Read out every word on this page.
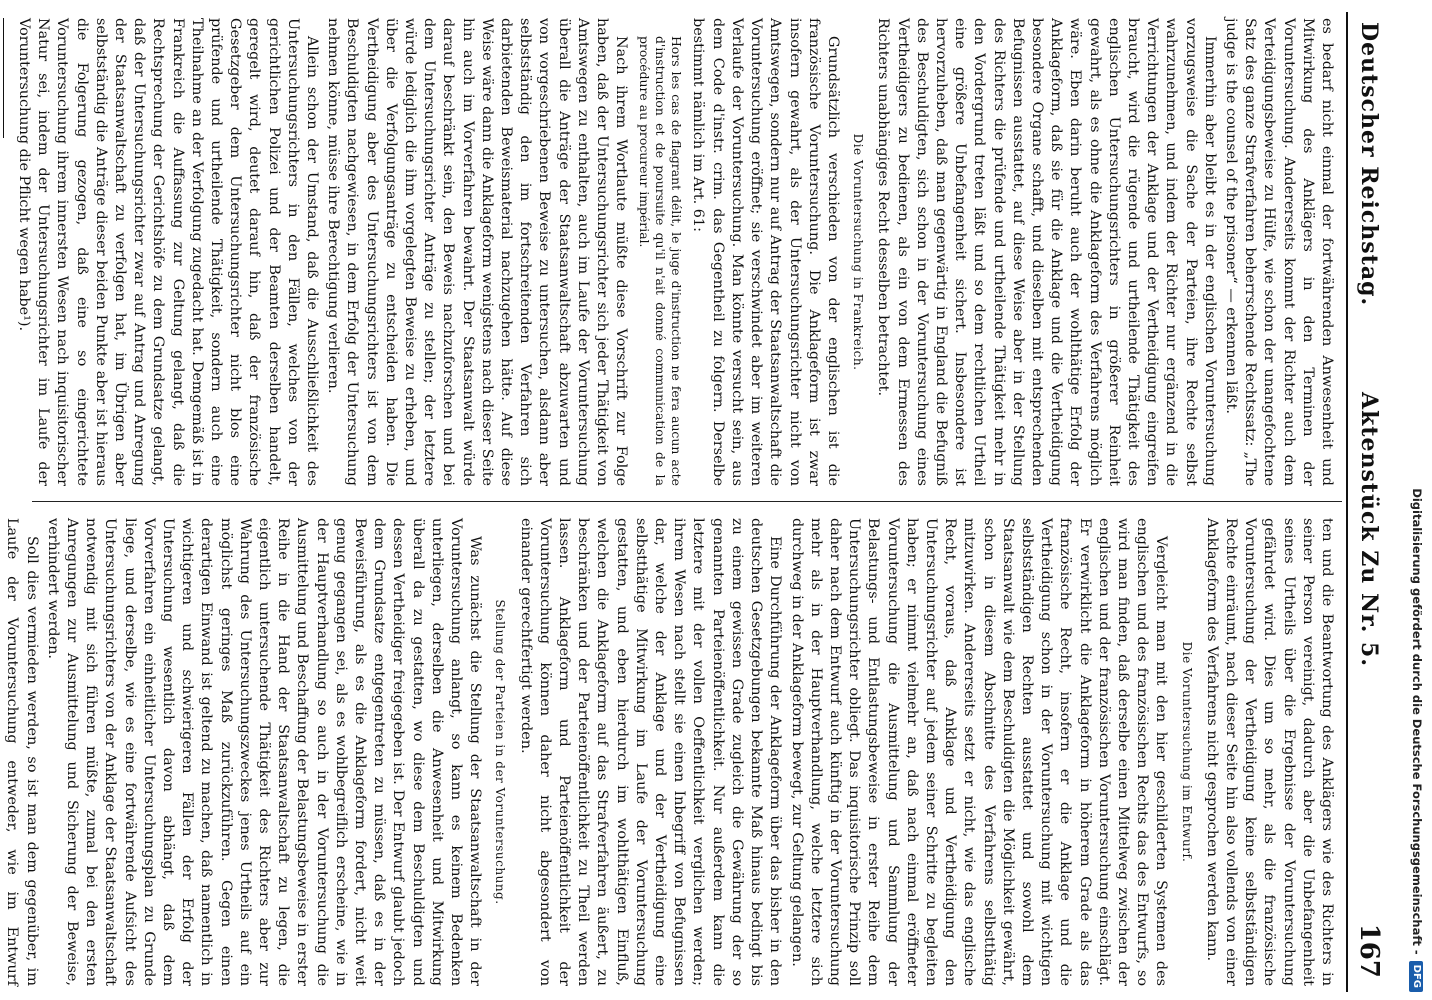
Deutscher Reichstag.
Aktenstück Zu Nr. 5.
167

es bedarf nicht einmal der fortwährenden Anwesenheit und Mitwirkung des Anklägers in den Terminen der Voruntersuchung. Andererseits kommt der Richter auch dem Verteidigungsbeweise zu Hülfe, wie schon der unangefochtene Satz des ganze Strafverfahren beherrschende Rechtssatz: „The judge is the counsel of the prisoner“ — erkennen läßt.

Immerhin aber bleibt es in der englischen Voruntersuchung vorzugsweise die Sache der Parteien, ihre Rechte selbst wahrzunehmen, und indem der Richter nur ergänzend in die Verrichtungen der Anklage und der Vertheidigung eingreifen braucht, wird die rügende und urtheilende Thätigkeit des englischen Untersuchungsrichters in größerer Reinheit gewahrt, als es ohne die Anklageform des Verfahrens möglich wäre. Eben darin beruht auch der wohlthätige Erfolg der Anklageform, daß sie für die Anklage und die Vertheidigung besondere Organe schafft, und dieselben mit entsprechenden Befugnissen ausstattet, auf diese Weise aber in der Stellung des Richters die prüfende und urtheilende Thätigkeit mehr in den Vordergrund treten läßt und so dem rechtlichen Urtheil eine größere Unbefangenheit sichert. Insbesondere ist hervorzuheben, daß man gegenwärtig in England die Befugniß des Beschuldigten, sich schon in der Voruntersuchung eines Vertheidigers zu bedienen, als ein von dem Ermessen des Richters unabhängiges Recht desselben betrachtet.

Die Voruntersuchung in Frankreich.

Grundsätzlich verschieden von der englischen ist die französische Voruntersuchung. Die Anklageform ist zwar insofern gewahrt, als der Untersuchungsrichter nicht von Amtswegen, sondern nur auf Antrag der Staatsanwaltschaft die Voruntersuchung eröffnet; sie verschwindet aber im weiteren Verlaufe der Voruntersuchung. Man könnte versucht sein, aus dem Code d'instr. crim. das Gegentheil zu folgern. Derselbe bestimmt nämlich im Art. 61:

Hors les cas de flagrant délit, le juge d'instruction ne fera aucun acte d'instruction et de poursuite qu'il n'ait donné communication de la procédure au procureur impérial.

Nach ihrem Wortlaute müßte diese Vorschrift zur Folge haben, daß der Untersuchungsrichter sich jeder Thätigkeit von Amtswegen zu enthalten, auch im Laufe der Voruntersuchung überall die Anträge der Staatsanwaltschaft abzuwarten und von vorgeschriebenen Beweise zu untersuchen, alsdann aber selbstständig den im fortschreitenden Verfahren sich darbietenden Beweismaterial nachzugehen hätte. Auf diese Weise wäre dann die Anklageform wenigstens nach dieser Seite hin auch im Vorverfahren bewahrt. Der Staatsanwalt würde darauf beschränkt sein, den Beweis nachzuforschen und bei dem Untersuchungsrichter Anträge zu stellen; der letztere würde lediglich die ihm vorgelegten Beweise zu erheben, und über die Verfolgungsanträge zu entscheiden haben. Die Vertheidigung aber des Untersuchungsrichters ist von dem Beschuldigten nachgewiesen, in dem Erfolg der Untersuchung nehmen könne, müsse ihre Berechtigung verlieren.

Allein schon der Umstand, daß die Ausschließlichkeit des Untersuchungsrichters in den Fällen, welches von der gerichtlichen Polizei und der Beamten derselben handelt, geregelt wird, deutet darauf hin, daß der französische Gesetzgeber dem Untersuchungsrichter nicht blos eine prüfende und urtheilende Thätigkeit, sondern auch eine Theilnahme an der Verfolgung zugedacht hat. Demgemäß ist in Frankreich die Auffassung zur Geltung gelangt, daß die Rechtsprechung der Gerichtshöfe zu dem Grundsatze gelangt, daß der Untersuchungsrichter zwar auf Antrag und Anregung der Staatsanwaltschaft zu verfolgen hat, im Übrigen aber selbstständig die Anträge dieser beiden Punkte aber ist hieraus die Folgerung gezogen, daß eine so eingerichtete Voruntersuchung ihrem innersten Wesen nach inquisitorischer Natur sei, indem der Untersuchungsrichter im Laufe der Voruntersuchung die Pflicht wegen habe¹).

ten und die Beantwortung des Anklägers wie des Richters in seiner Person vereinigt, dadurch aber die Unbefangenheit seines Urtheils über die Ergebnisse der Voruntersuchung gefährdet wird. Dies um so mehr, als die französische Voruntersuchung der Vertheidigung keine selbstständigen Rechte einräumt, nach dieser Seite hin also vollends von einer Anklageform des Verfahrens nicht gesprochen werden kann.

Die Voruntersuchung im Entwurf.

Vergleicht man mit den hier geschilderten Systemen des englischen und des französischen Rechts das des Entwurfs, so wird man finden, daß derselbe einen Mittelweg zwischen der englischen und der französischen Voruntersuchung einschlägt. Er verwirklicht die Anklageform in höherem Grade als das französische Recht, insofern er die Anklage und die Vertheidigung schon in der Voruntersuchung mit wichtigen selbstständigen Rechten ausstattet und sowohl dem Staatsanwalt wie dem Beschuldigten die Möglichkeit gewährt, schon in diesem Abschnitte des Verfahrens selbstthätig mitzuwirken. Andererseits setzt er nicht, wie das englische Recht, voraus, daß Anklage und Vertheidigung den Untersuchungsrichter auf jedem seiner Schritte zu begleiten haben; er nimmt vielmehr an, daß nach einmal eröffneter Voruntersuchung die Ausmittelung und Sammlung der Belastungs- und Entlastungsbeweise in erster Reihe dem Untersuchungsrichter obliegt. Das inquisitorische Prinzip soll daher nach dem Entwurf auch künftig in der Voruntersuchung mehr als in der Hauptverhandlung, welche letztere sich durchweg in der Anklageform bewegt, zur Geltung gelangen.

Eine Durchführung der Anklageform über das bisher in den deutschen Gesetzgebungen bekannte Maß hinaus bedingt bis zu einem gewissen Grade zugleich die Gewährung der so genannten Parteienöffentlichkeit. Nur außerdem kann die letztere mit der vollen Oeffentlichkeit verglichen werden; ihrem Wesen nach stellt sie einen Inbegriff von Befugnissen dar, welche der Anklage und der Vertheidigung eine selbstthätige Mitwirkung im Laufe der Voruntersuchung gestatten, und eben hierdurch im wohlthätigen Einfluß, welchen die Anklageform auf das Strafverfahren äußert, zu beschränken und der Parteienöffentlichkeit zu Theil werden lassen. Anklageform und Parteienöffentlichkeit der Voruntersuchung können daher nicht abgesondert von einander gerechtfertigt werden.

Stellung der Parteien in der Voruntersuchung.

Was zunächst die Stellung der Staatsanwaltschaft in der Voruntersuchung anlangt, so kann es keinem Bedenken unterliegen, derselben die Anwesenheit und Mitwirkung überall da zu gestatten, wo diese dem Beschuldigten und dessen Vertheidiger freigegeben ist. Der Entwurf glaubt jedoch dem Grundsatze entgegentreten zu müssen, daß es in der Beweisführung, als es die Anklageform fordert, nicht weit genug gegangen sei, als es wohlbegreiflich erscheine, wie in der Hauptverhandlung so auch in der Voruntersuchung die Ausmittelung und Beschaffung der Belastungsbeweise in erster Reihe in die Hand der Staatsanwaltschaft zu legen, die eigentlich untersuchende Thätigkeit des Richters aber zur Wahrung des Untersuchungszweckes jenes Urtheils auf ein möglichst geringes Maß zurückzuführen. Gegen einen derartigen Einwand ist geltend zu machen, daß namentlich in wichtigeren und schwierigeren Fällen der Erfolg der Untersuchung wesentlich davon abhängt, daß dem Vorverfahren ein einheitlicher Untersuchungsplan zu Grunde liege, und derselbe, wie es eine fortwährende Aufsicht des Untersuchungsrichters von der Anklage der Staatsanwaltschaft notwendig mit sich führen müßte, zumal bei den ersten Anregungen zur Ausmittelung und Sicherung der Beweise, verhindert werden.

Soll dies vermieden werden, so ist man dem gegenüber, im Laufe der Voruntersuchung entweder, wie im Entwurf

Digitalisierung gefördert durch die Deutsche Forschungsgemeinschaft -DFG
